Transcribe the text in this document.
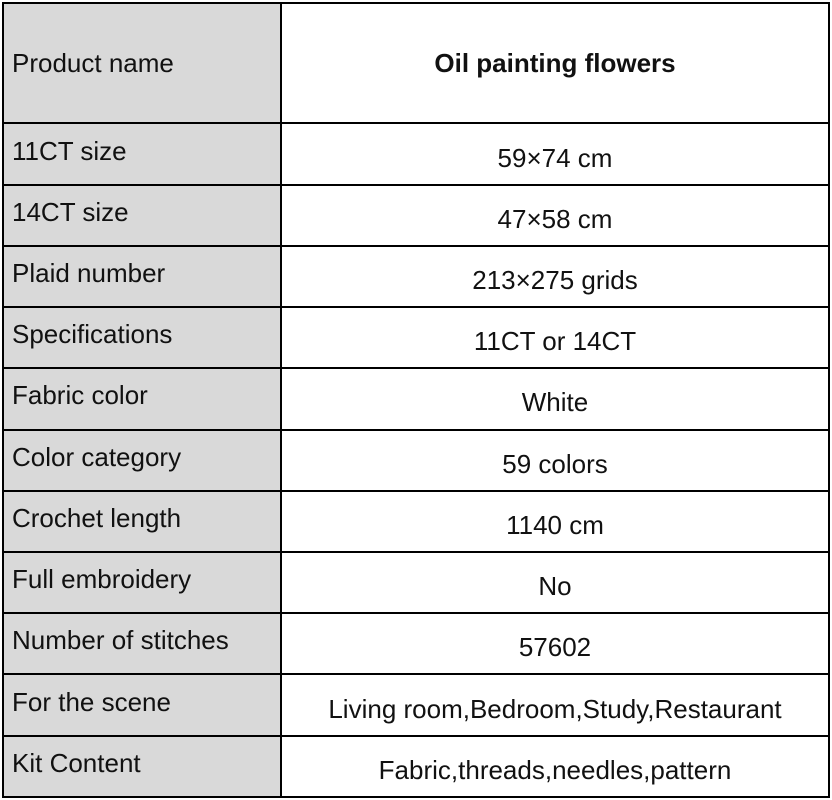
Product name	Oil painting flowers
11CT size	59×74 cm
14CT size	47×58 cm
Plaid number	213×275 grids
Specifications	11CT or 14CT
Fabric color	White
Color category	59 colors
Crochet length	1140 cm
Full embroidery	No
Number of stitches	57602
For the scene	Living room,Bedroom,Study,Restaurant
Kit Content	Fabric,threads,needles,pattern
